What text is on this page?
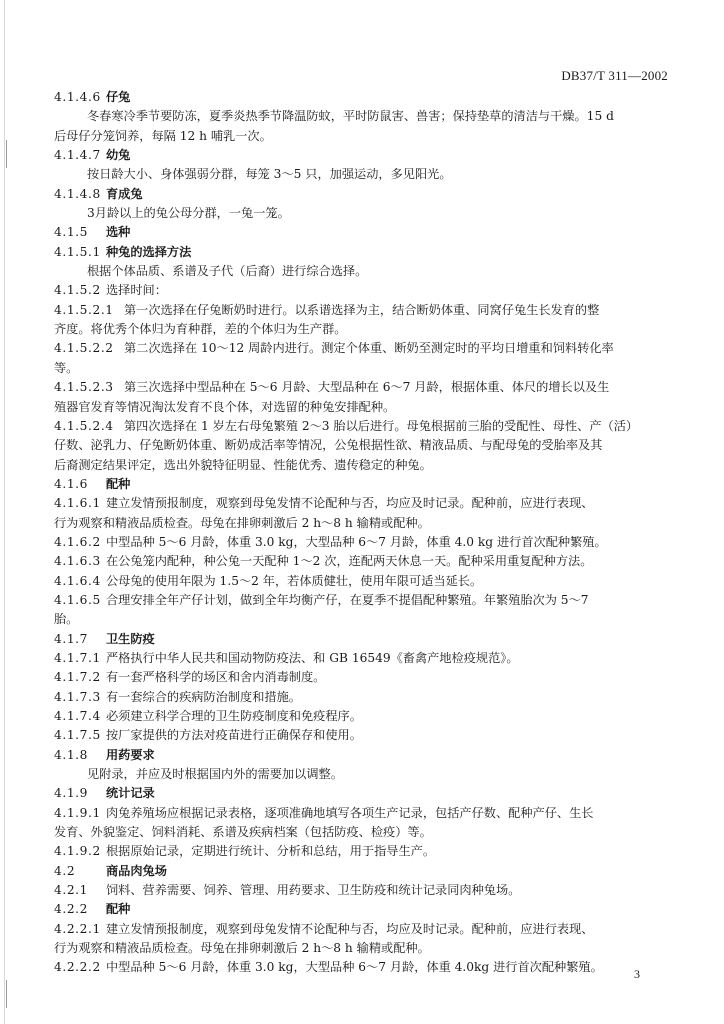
DB37/T 311—2002
4.1.4.6 仔兔
冬春寒冷季节要防冻，夏季炎热季节降温防蚊，平时防鼠害、兽害；保持垫草的清洁与干燥。15 d
后母仔分笼饲养，每隔 12 h 哺乳一次。
4.1.4.7 幼兔
按日龄大小、身体强弱分群，每笼 3～5 只，加强运动，多见阳光。
4.1.4.8 育成兔
3月龄以上的兔公母分群，一兔一笼。
4.1.5 选种
4.1.5.1 种兔的选择方法
根据个体品质、系谱及子代（后裔）进行综合选择。
4.1.5.2 选择时间：
4.1.5.2.1 第一次选择在仔兔断奶时进行。以系谱选择为主，结合断奶体重、同窝仔兔生长发育的整
齐度。将优秀个体归为育种群，差的个体归为生产群。
4.1.5.2.2 第二次选择在 10～12 周龄内进行。测定个体重、断奶至测定时的平均日增重和饲料转化率
等。
4.1.5.2.3 第三次选择中型品种在 5～6 月龄、大型品种在 6～7 月龄，根据体重、体尺的增长以及生
殖器官发育等情况淘汰发育不良个体，对选留的种兔安排配种。
4.1.5.2.4 第四次选择在 1 岁左右母兔繁殖 2～3 胎以后进行。母兔根据前三胎的受配性、母性、产（活）
仔数、泌乳力、仔兔断奶体重、断奶成活率等情况，公兔根据性欲、精液品质、与配母兔的受胎率及其
后裔测定结果评定，选出外貌特征明显、性能优秀、遗传稳定的种兔。
4.1.6 配种
4.1.6.1 建立发情预报制度，观察到母兔发情不论配种与否，均应及时记录。配种前，应进行表现、
行为观察和精液品质检查。母兔在排卵刺激后 2 h～8 h 输精或配种。
4.1.6.2 中型品种 5～6 月龄，体重 3.0 kg，大型品种 6～7 月龄，体重 4.0 kg 进行首次配种繁殖。
4.1.6.3 在公兔笼内配种，种公兔一天配种 1～2 次，连配两天休息一天。配种采用重复配种方法。
4.1.6.4 公母兔的使用年限为 1.5～2 年，若体质健壮，使用年限可适当延长。
4.1.6.5 合理安排全年产仔计划，做到全年均衡产仔，在夏季不提倡配种繁殖。年繁殖胎次为 5～7
胎。
4.1.7 卫生防疫
4.1.7.1 严格执行中华人民共和国动物防疫法、和 GB 16549《畜禽产地检疫规范》。
4.1.7.2 有一套严格科学的场区和舍内消毒制度。
4.1.7.3 有一套综合的疾病防治制度和措施。
4.1.7.4 必须建立科学合理的卫生防疫制度和免疫程序。
4.1.7.5 按厂家提供的方法对疫苗进行正确保存和使用。
4.1.8 用药要求
见附录，并应及时根据国内外的需要加以调整。
4.1.9 统计记录
4.1.9.1 肉兔养殖场应根据记录表格，逐项准确地填写各项生产记录，包括产仔数、配种产仔、生长
发育、外貌鉴定、饲料消耗、系谱及疾病档案（包括防疫、检疫）等。
4.1.9.2 根据原始记录，定期进行统计、分析和总结，用于指导生产。
4.2	商品肉兔场
4.2.1 饲料、营养需要、饲养、管理、用药要求、卫生防疫和统计记录同肉种兔场。
4.2.2 配种
4.2.2.1 建立发情预报制度，观察到母兔发情不论配种与否，均应及时记录。配种前，应进行表现、
行为观察和精液品质检查。母兔在排卵刺激后 2 h～8 h 输精或配种。
4.2.2.2 中型品种 5～6 月龄，体重 3.0 kg，大型品种 6～7 月龄，体重 4.0kg 进行首次配种繁殖。	3
